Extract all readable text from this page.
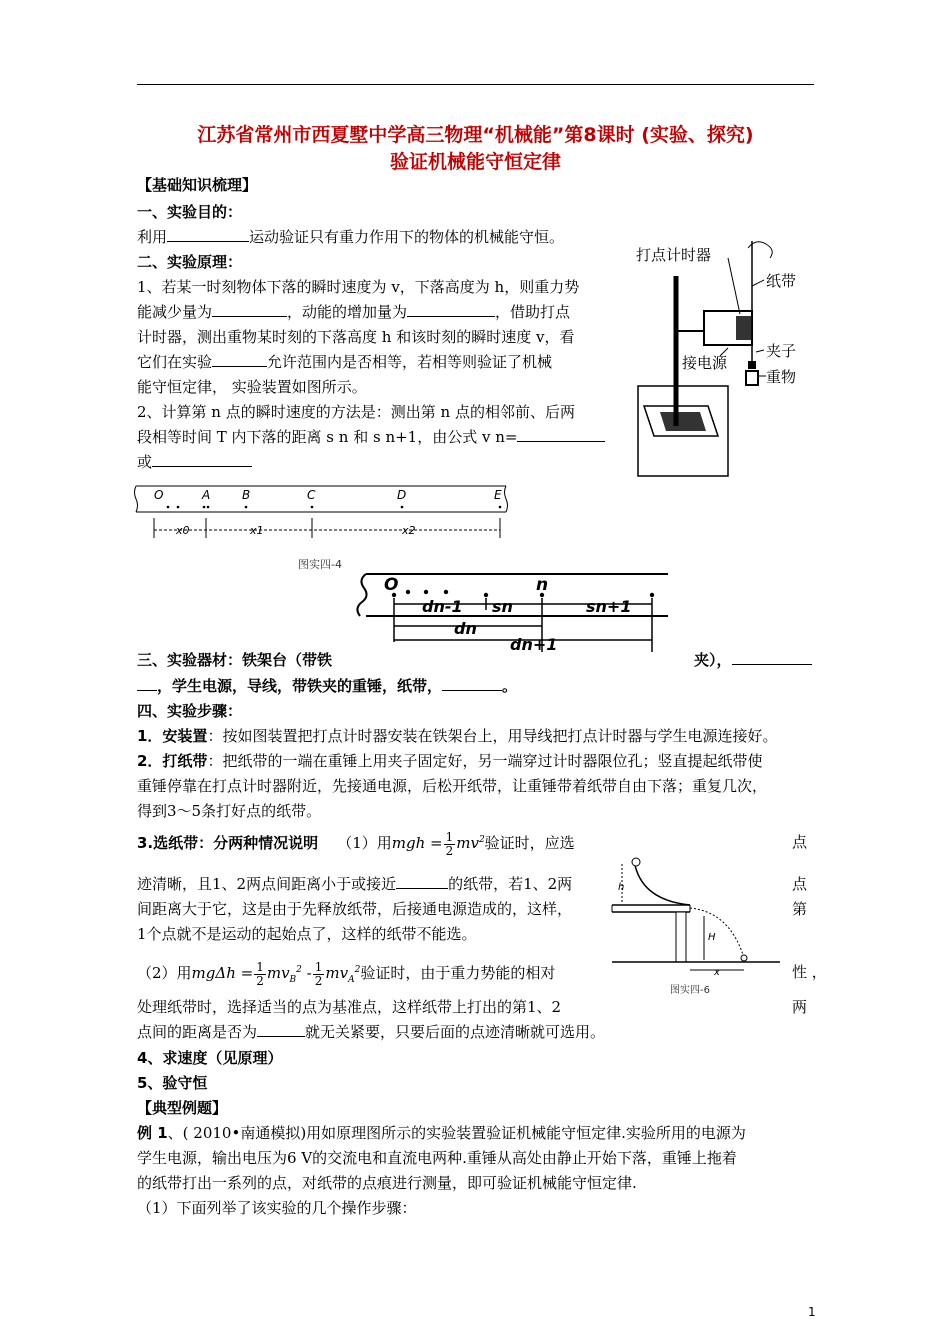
江苏省常州市西夏墅中学高三物理“机械能”第8课时 (实验、探究)
验证机械能守恒定律
【基础知识梳理】
一、实验目的：
利用	运动验证只有重力作用下的物体的机械能守恒。
二、实验原理：
1、若某一时刻物体下落的瞬时速度为 v，下落高度为 h，则重力势
能减少量为	，动能的增加量为	，借助打点
计时器，测出重物某时刻的下落高度 h 和该时刻的瞬时速度 v，看
它们在实验	允许范围内是否相等，若相等则验证了机械
能守恒定律， 实验装置如图所示。
2、计算第 n 点的瞬时速度的方法是：测出第 n 点的相邻前、后两
段相等时间 T 内下落的距离 s n 和 s n+1，由公式 v n=
或
打点计时器
纸带
接电源
夹子
重物
O	A	B	C	D	E
x0	x1	x2
图实四-4
O	n
dn-1 sn	sn+1
dn
dn+1
三、实验器材：铁架台（带铁	夹），
，学生电源，导线，带铁夹的重锤，纸带，	。
四、实验步骤：
1．安装置：按如图装置把打点计时器安装在铁架台上，用导线把打点计时器与学生电源连接好。
2．打纸带：把纸带的一端在重锤上用夹子固定好，另一端穿过计时器限位孔；竖直提起纸带使
重锤停靠在打点计时器附近，先接通电源，后松开纸带，让重锤带着纸带自由下落；重复几次，
得到3～5条打好点的纸带。
3.选纸带：分两种情况说明 （1）用mgh = $\frac{1}{2} mv^2$验证时，应选	点
迹清晰，且1、2两点间距离小于或接近	的纸带，若1、2两	点
间距离大于它，这是由于先释放纸带，后接通电源造成的，这样，	第
1个点就不是运动的起始点了，这样的纸带不能选。
（2）用$mg\Delta h = \frac{1}{2} mv_B^2 - \frac{1}{2} mv_A^2$验证时，由于重力势能的相对	性 ，
处理纸带时，选择适当的点为基准点，这样纸带上打出的第1、2	两
点间的距离是否为	就无关紧要，只要后面的点迹清晰就可选用。
h
H
x
图实四-6
4、求速度（见原理）
5、验守恒
【典型例题】
例 1、( 2010•南通模拟)用如原理图所示的实验装置验证机械能守恒定律.实验所用的电源为
学生电源，输出电压为6 V的交流电和直流电两种.重锤从高处由静止开始下落，重锤上拖着
的纸带打出一系列的点，对纸带的点痕进行测量，即可验证机械能守恒定律.
（1）下面列举了该实验的几个操作步骤：
1
